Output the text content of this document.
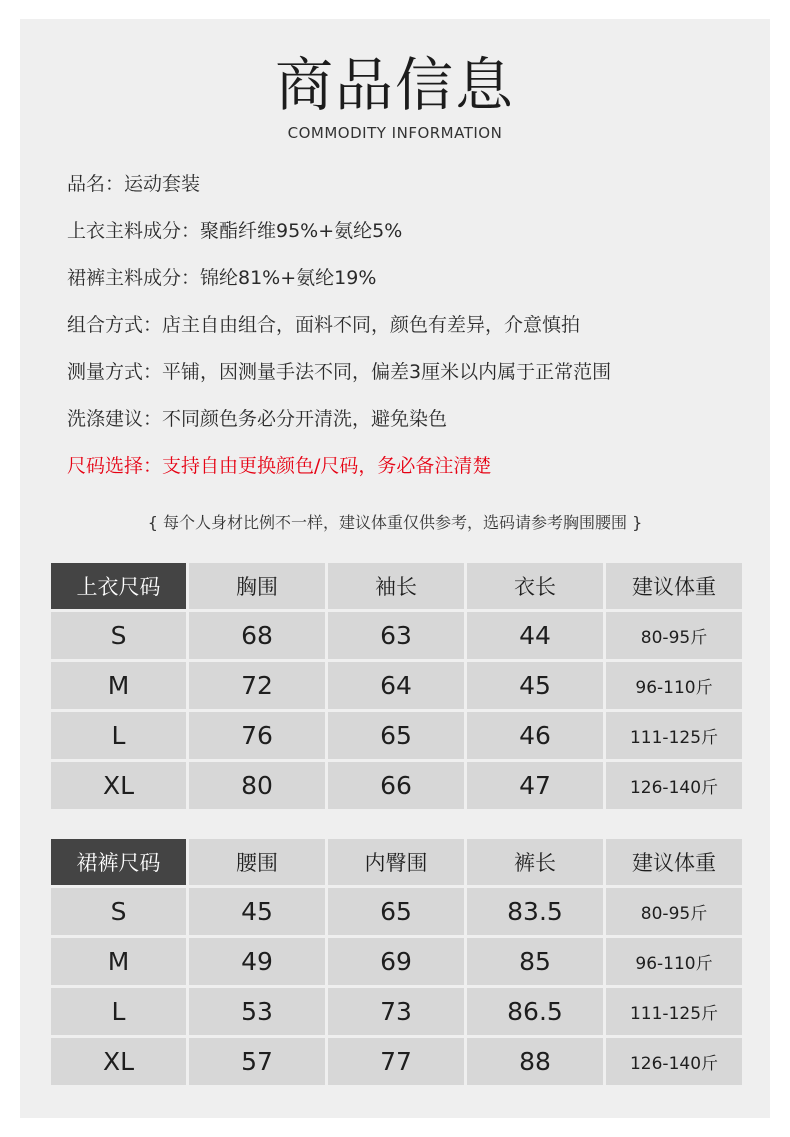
商品信息
COMMODITY INFORMATION
品名：运动套装
上衣主料成分：聚酯纤维95%+氨纶5%
裙裤主料成分：锦纶81%+氨纶19%
组合方式：店主自由组合，面料不同，颜色有差异，介意慎拍
测量方式：平铺，因测量手法不同，偏差3厘米以内属于正常范围
洗涤建议：不同颜色务必分开清洗，避免染色
尺码选择：支持自由更换颜色/尺码，务必备注清楚
{ 每个人身材比例不一样，建议体重仅供参考，选码请参考胸围腰围 }
上衣尺码	胸围	袖长	衣长	建议体重
S	68	63	44	80-95斤
M	72	64	45	96-110斤
L	76	65	46	111-125斤
XL	80	66	47	126-140斤
裙裤尺码	腰围	内臀围	裤长	建议体重
S	45	65	83.5	80-95斤
M	49	69	85	96-110斤
L	53	73	86.5	111-125斤
XL	57	77	88	126-140斤
